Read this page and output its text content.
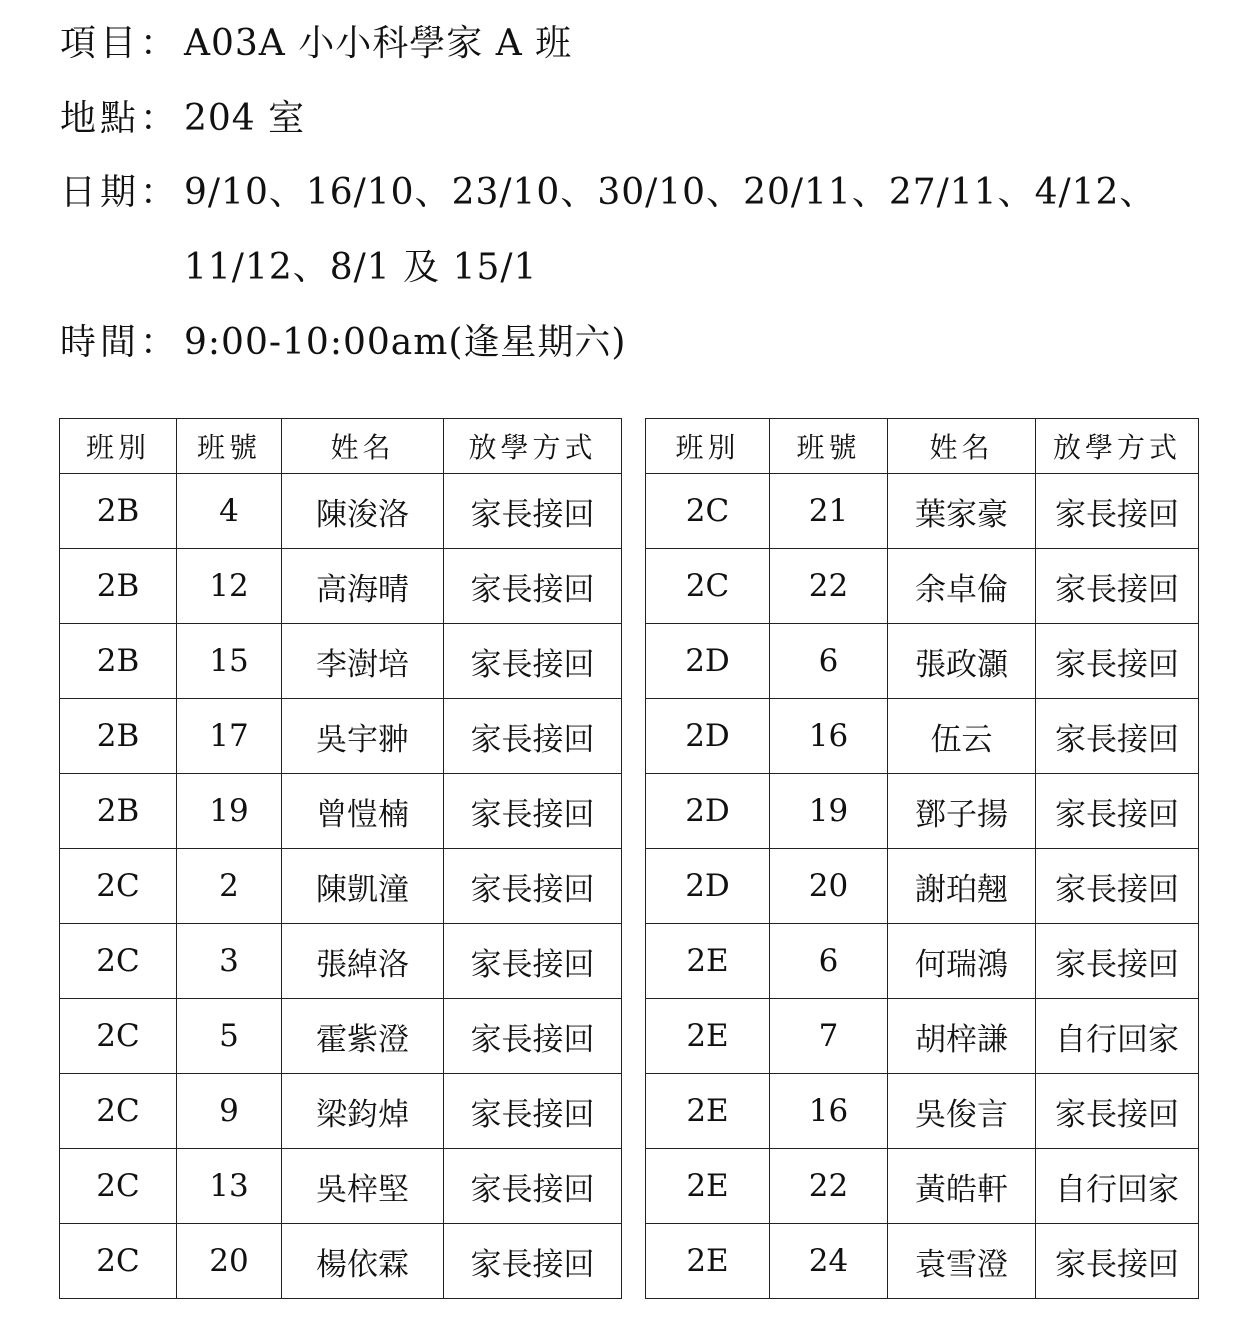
項目： A03A 小小科學家 A 班
地點： 204 室
日期： 9/10、16/10、23/10、30/10、20/11、27/11、4/12、
11/12、8/1 及 15/1
時間： 9:00-10:00am(逢星期六)
班別	班號	姓名	放學方式
2B	4	陳浚洛	家長接回
2B	12	高海晴	家長接回
2B	15	李澍培	家長接回
2B	17	吳宇翀	家長接回
2B	19	曾愷楠	家長接回
2C	2	陳凱潼	家長接回
2C	3	張綽洛	家長接回
2C	5	霍紫澄	家長接回
2C	9	梁鈞焯	家長接回
2C	13	吳梓堅	家長接回
2C	20	楊依霖	家長接回
班別	班號	姓名	放學方式
2C	21	葉家豪	家長接回
2C	22	余卓倫	家長接回
2D	6	張政灝	家長接回
2D	16	伍云	家長接回
2D	19	鄧子揚	家長接回
2D	20	謝珀翹	家長接回
2E	6	何瑞鴻	家長接回
2E	7	胡梓謙	自行回家
2E	16	吳俊言	家長接回
2E	22	黃皓軒	自行回家
2E	24	袁雪澄	家長接回
